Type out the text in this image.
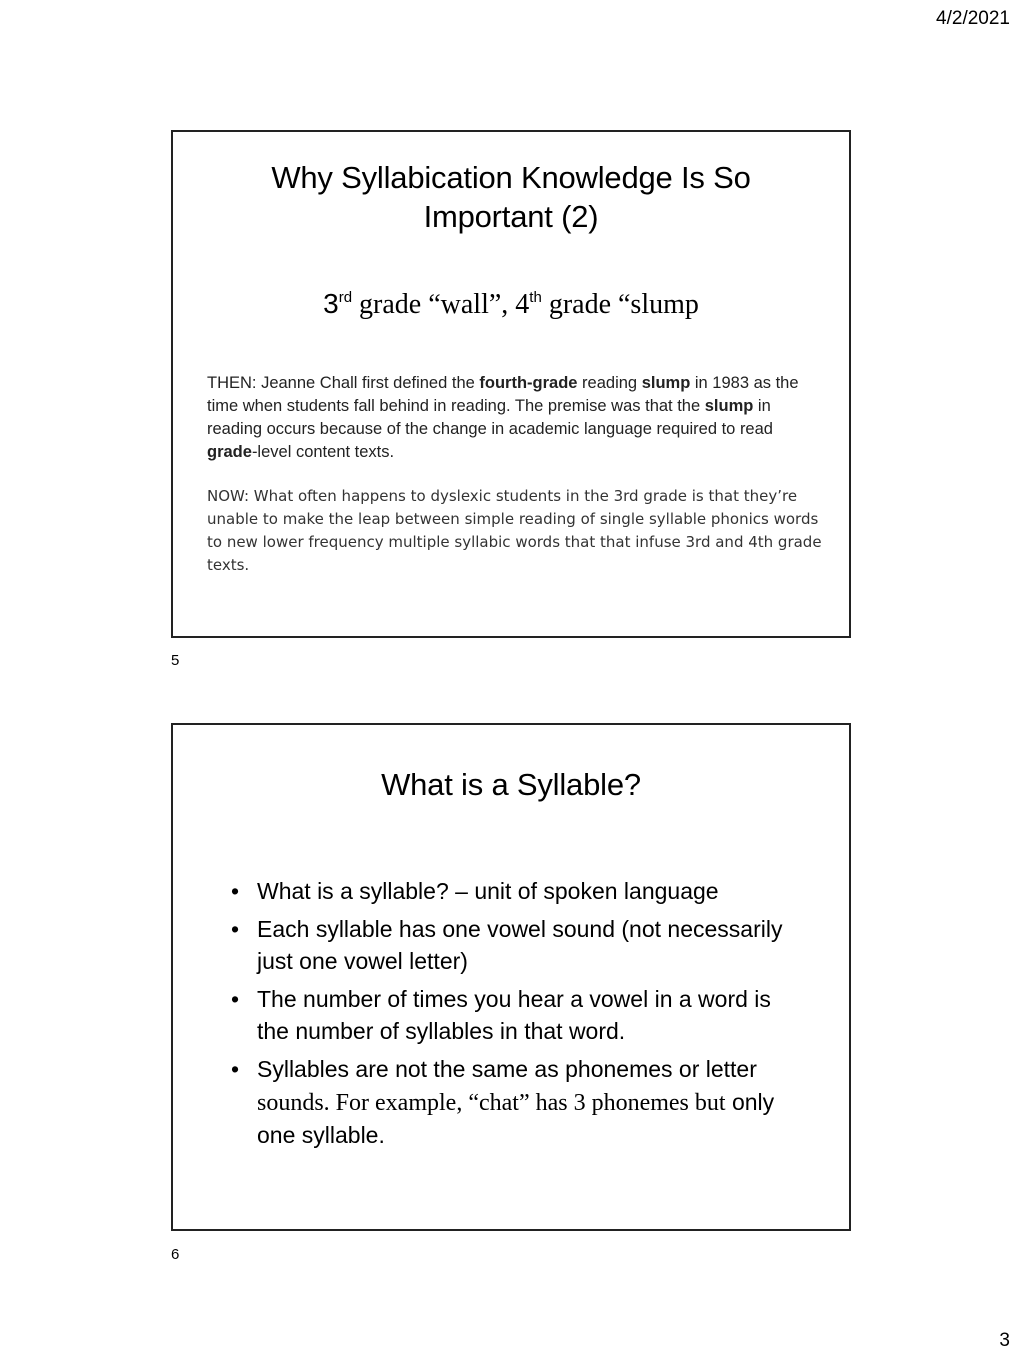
4/2/2021
Why Syllabication Knowledge Is So Important (2)
3rd grade “wall”, 4th grade “slump
THEN: Jeanne Chall first defined the fourth-grade reading slump in 1983 as the time when students fall behind in reading. The premise was that the slump in reading occurs because of the change in academic language required to read grade-level content texts.
NOW: What often happens to dyslexic students in the 3rd grade is that they’re unable to make the leap between simple reading of single syllable phonics words to new lower frequency multiple syllabic words that that infuse 3rd and 4th grade texts.
5
What is a Syllable?
• What is a syllable? – unit of spoken language
• Each syllable has one vowel sound (not necessarily just one vowel letter)
• The number of times you hear a vowel in a word is the number of syllables in that word.
• Syllables are not the same as phonemes or letter sounds. For example, “chat” has 3 phonemes but only one syllable.
6
3
